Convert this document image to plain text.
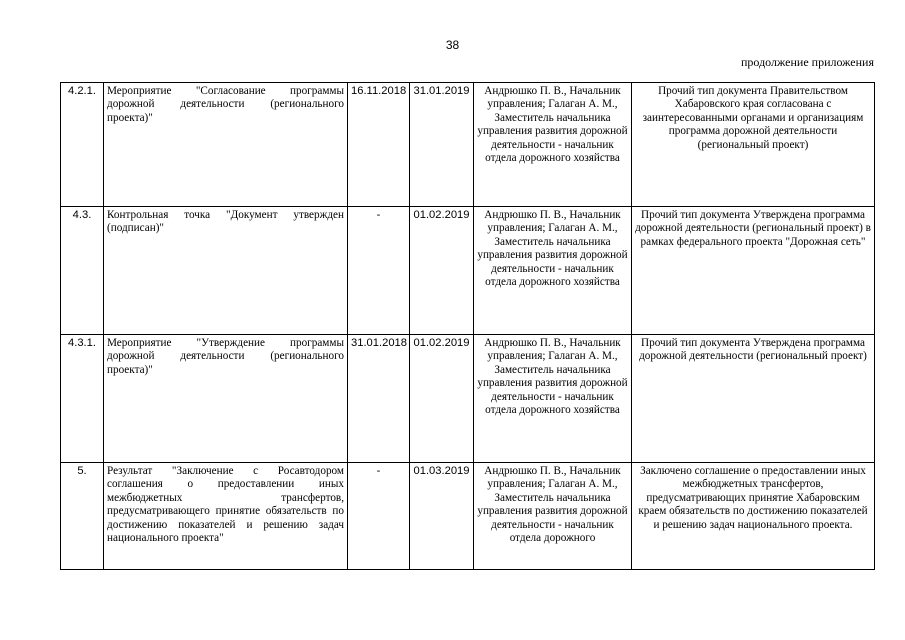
38
продолжение приложения
4.2.1.	Мероприятие "Согласование программы дорожной деятельности (регионального проекта)"	16.11.2018	31.01.2019	Андрюшко П. В., Начальник управления; Галаган А. М., Заместитель начальника управления развития дорожной деятельности - начальник отдела дорожного хозяйства	Прочий тип документа Правительством Хабаровского края согласована с заинтересованными органами и организациям программа дорожной деятельности (региональный проект)
4.3.	Контрольная точка "Документ утвержден (подписан)"	-	01.02.2019	Андрюшко П. В., Начальник управления; Галаган А. М., Заместитель начальника управления развития дорожной деятельности - начальник отдела дорожного хозяйства	Прочий тип документа Утверждена программа дорожной деятельности (региональный проект) в рамках федерального проекта "Дорожная сеть"
4.3.1.	Мероприятие "Утверждение программы дорожной деятельности (регионального проекта)"	31.01.2018	01.02.2019	Андрюшко П. В., Начальник управления; Галаган А. М., Заместитель начальника управления развития дорожной деятельности - начальник отдела дорожного хозяйства	Прочий тип документа Утверждена программа дорожной деятельности (региональный проект)
5.	Результат "Заключение с Росавтодором соглашения о предоставлении иных межбюджетных трансфертов, предусматривающего принятие обязательств по достижению показателей и решению задач национального проекта"	-	01.03.2019	Андрюшко П. В., Начальник управления; Галаган А. М., Заместитель начальника управления развития дорожной деятельности - начальник отдела дорожного	Заключено соглашение о предоставлении иных межбюджетных трансфертов, предусматривающих принятие Хабаровским краем обязательств по достижению показателей и решению задач национального проекта.
